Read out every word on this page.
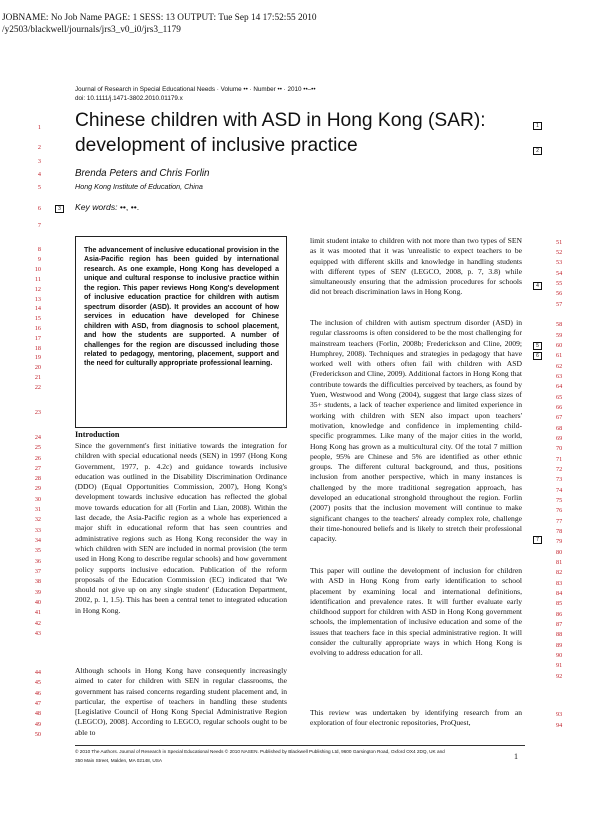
JOBNAME: No Job Name PAGE: 1 SESS: 13 OUTPUT: Tue Sep 14 17:52:55 2010
/y2503/blackwell/journals/jrs3_v0_i0/jrs3_1179
Journal of Research in Special Educational Needs · Volume •• · Number •• · 2010 ••–••
doi: 10.1111/j.1471-3802.2010.01179.x
Chinese children with ASD in Hong Kong (SAR): development of inclusive practice
Brenda Peters and Chris Forlin
Hong Kong Institute of Education, China
Key words: ••, ••.
The advancement of inclusive educational provision in the Asia-Pacific region has been guided by international research. As one example, Hong Kong has developed a unique and cultural response to inclusive practice within the region. This paper reviews Hong Kong's development of inclusive education practice for children with autism spectrum disorder (ASD). It provides an account of how services in education have developed for Chinese children with ASD, from diagnosis to school placement, and how the students are supported. A number of challenges for the region are discussed including those related to pedagogy, mentoring, placement, support and the need for culturally appropriate professional learning.
Introduction

Since the government's first initiative towards the integration for children with special educational needs (SEN) in 1997 (Hong Kong Government, 1977, p. 4.2c) and guidance towards inclusive education was outlined in the Disability Discrimination Ordinance (DDO) (Equal Opportunities Commission, 2007), Hong Kong's development towards inclusive education has reflected the global move towards education for all (Forlin and Lian, 2008). Within the last decade, the Asia-Pacific region as a whole has experienced a major shift in educational reform that has seen countries and administrative regions such as Hong Kong reconsider the way in which children with SEN are included in normal provision (the term used in Hong Kong to describe regular schools) and how government policy supports inclusive education. Publication of the reform proposals of the Education Commission (EC) indicated that 'We should not give up on any single student' (Education Department, 2002, p. 1, 1.5). This has been a central tenet to integrated education in Hong Kong.

Although schools in Hong Kong have consequently increasingly aimed to cater for children with SEN in regular classrooms, the government has raised concerns regarding student placement and, in particular, the expertise of teachers in handling these students [Legislative Council of Hong Kong Special Administrative Region (LEGCO), 2008]. According to LEGCO, regular schools ought to be able to

limit student intake to children with not more than two types of SEN as it was mooted that it was 'unrealistic to expect teachers to be equipped with different skills and knowledge in handling students with different types of SEN' (LEGCO, 2008, p. 7, 3.8) while simultaneously ensuring that the admission procedures for schools did not breach discrimination laws in Hong Kong.

The inclusion of children with autism spectrum disorder (ASD) in regular classrooms is often considered to be the most challenging for mainstream teachers (Forlin, 2008b; Frederickson and Cline, 2009; Humphrey, 2008). Techniques and strategies in pedagogy that have worked well with others often fail with children with ASD (Frederickson and Cline, 2009). Additional factors in Hong Kong that contribute towards the difficulties perceived by teachers, as found by Yuen, Westwood and Wong (2004), suggest that large class sizes of 35+ students, a lack of teacher experience and limited experience in working with children with SEN also impact upon teachers' motivation, knowledge and confidence in implementing child-specific programmes. Like many of the major cities in the world, Hong Kong has grown as a multicultural city. Of the total 7 million people, 95% are Chinese and 5% are identified as other ethnic groups. The different cultural background, and thus, positions inclusion from another perspective, which in many instances is challenged by the more traditional segregation approach, has developed an educational stronghold throughout the region. Forlin (2007) posits that the inclusion movement will continue to make significant changes to the teachers' already complex role, challenge their time-honoured beliefs and is likely to stretch their professional capacity.

This paper will outline the development of inclusion for children with ASD in Hong Kong from early identification to school placement by examining local and international definitions, identification and prevalence rates. It will further evaluate early childhood support for children with ASD in Hong Kong government schools, the implementation of inclusive education and some of the issues that teachers face in this special administrative region. It will consider the culturally appropriate ways in which Hong Kong is evolving to address education for all.

This review was undertaken by identifying research from an exploration of four electronic repositories, ProQuest,

1
2
3
4
5
6
7
1
2
3
4
5
6
7
8
9
10
11
12
13
14
15
16
17
18
19
20
21
22
23
24
25
26
27
28
29
30
31
32
33
34
35
36
37
38
39
40
41
42
43
44
45
46
47
48
49
50
51
52
53
54
55
56
57
58
59
60
61
62
63
64
65
66
67
68
69
70
71
72
73
74
75
76
77
78
79
80
81
82
83
84
85
86
87
88
89
90
91
92
93
94
© 2010 The Authors. Journal of Research in Special Educational Needs © 2010 NASEN. Published by Blackwell Publishing Ltd, 9600 Garsington Road, Oxford OX4 2DQ, UK and
350 Main Street, Malden, MA 02148, USA	1
